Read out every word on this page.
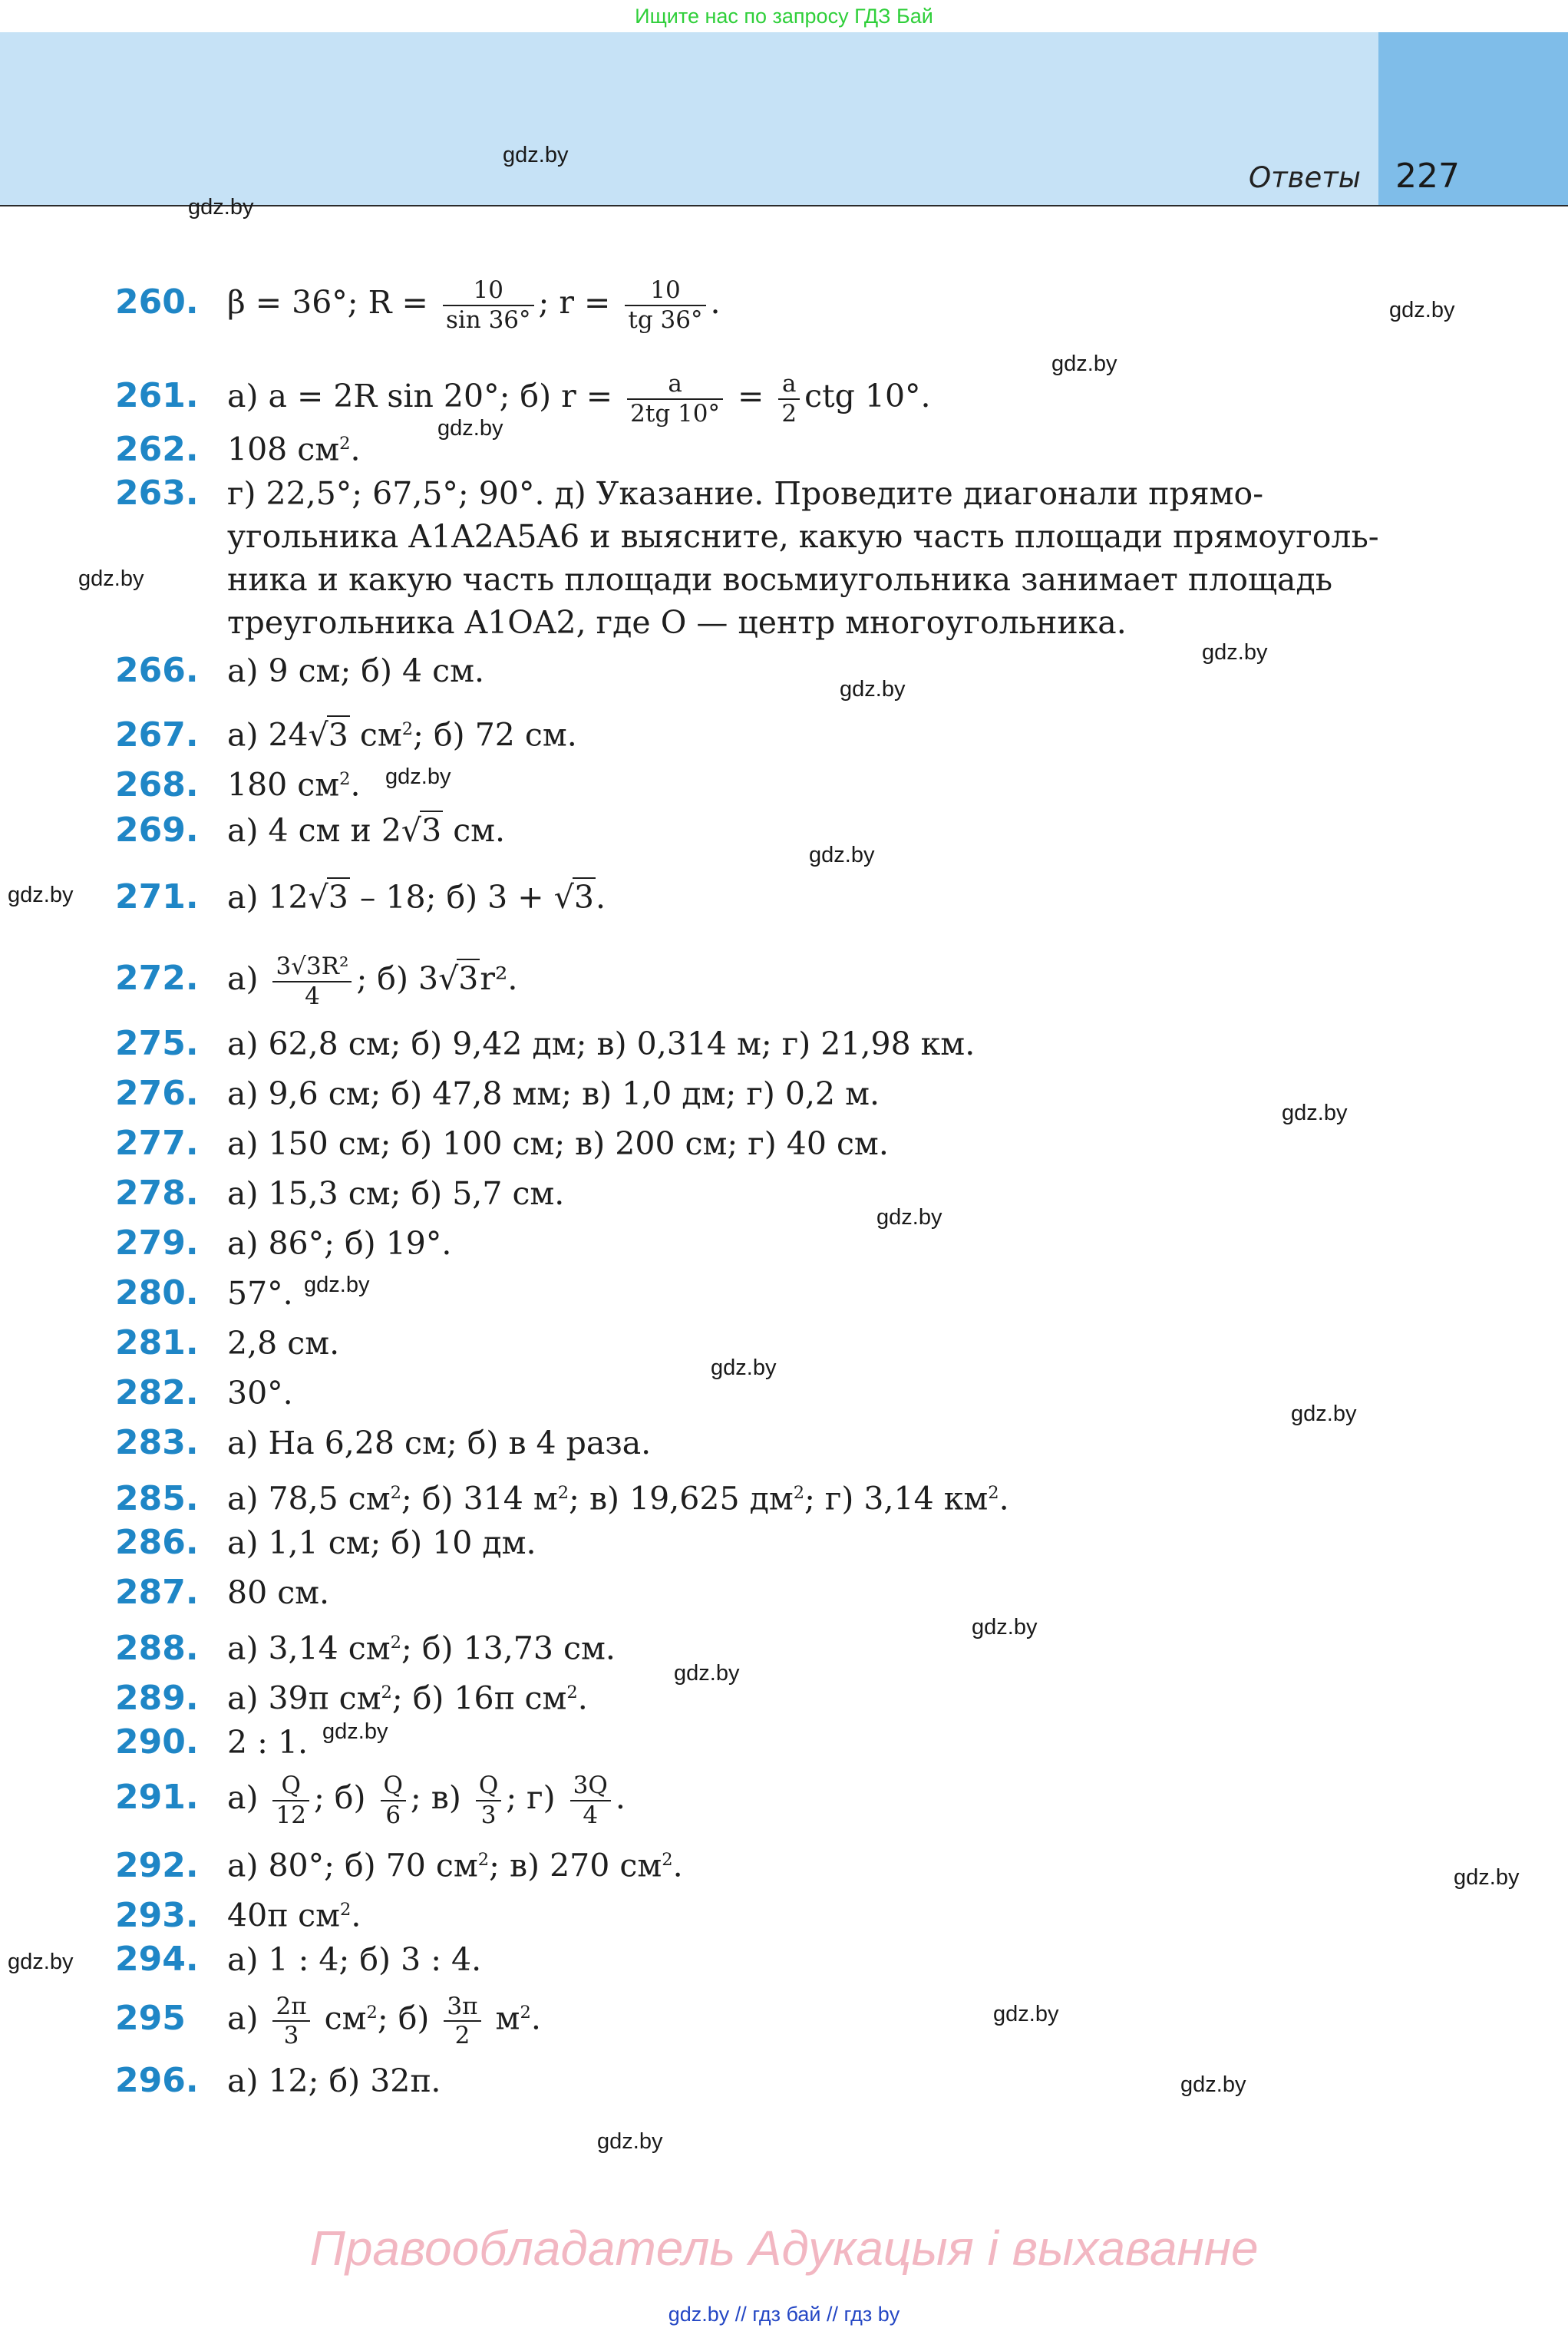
Ищите нас по запросу ГДЗ Бай
Ответы 227
260. β = 36°; $R = \frac{10}{\sin 36^\circ}$ ; $r = \frac{10}{tg 36^\circ}$ .
261. а) a = 2R sin 20°; б) $r = \frac{a}{2tg 10^\circ} = \frac{a}{2}$ ctg 10°.
262. 108 $см^2$.
263. г) 22,5°; 67,5°; 90°. д) Указание. Проведите диагонали прямо-
угольника A1A2A5A6 и выясните, какую часть площади прямоуголь-
ника и какую часть площади восьмиугольника занимает площадь
треугольника A1OA2, где O — центр многоугольника.
266. а) 9 см; б) 4 см.
267. а) 24√3 $см^2$; б) 72 см.
268. 180 $см^2$.
269. а) 4 см и 2√3 см.
271. а) 12√3 – 18; б) 3 + √3.
272. $а) \frac{\text{3√3R²}}{4}$ ; б) 3√3r².
275. а) 62,8 см; б) 9,42 дм; в) 0,314 м; г) 21,98 км.
276. а) 9,6 см; б) 47,8 мм; в) 1,0 дм; г) 0,2 м.
277. а) 150 см; б) 100 см; в) 200 см; г) 40 см.
278. а) 15,3 см; б) 5,7 см.
279. а) 86°; б) 19°.
280. 57°.
281. 2,8 см.
282. 30°.
283. а) На 6,28 см; б) в 4 раза.
285. а) 78,5 $см^2$; б) 314 $м^2$; в) 19,625 $дм^2$; г) 3,14 $км^2$.
286. а) 1,1 см; б) 10 дм.
287. 80 см.
288. а) 3,14 $см^2$; б) 13,73 см.
289. а) 39π $см^2$; б) 16π $см^2$.
290. 2 : 1.
291. $а) \frac{Q}{12}$ ; $б) \frac{Q}{6}$ ; $в) \frac{Q}{3}$ ; $г) \frac{3Q}{4}$ .
292. а) 80°; б) 70 $см^2$; в) 270 $см^2$.
293. 40π $см^2$.
294. а) 1 : 4; б) 3 : 4.
295 $а) \frac{2\pi}{3} см^2$; $б) \frac{3\pi}{2} м^2$.
296. а) 12; б) 32π.
gdz.by
gdz.by
gdz.by
gdz.by
gdz.by
gdz.by
gdz.by
gdz.by
gdz.by
gdz.by
gdz.by
gdz.by
gdz.by
gdz.by
gdz.by
gdz.by
gdz.by
gdz.by
gdz.by
gdz.by
gdz.by
gdz.by
gdz.by
gdz.by
Правообладатель Адукацыя і выхаванне
gdz.by // гдз бай // гдз by
